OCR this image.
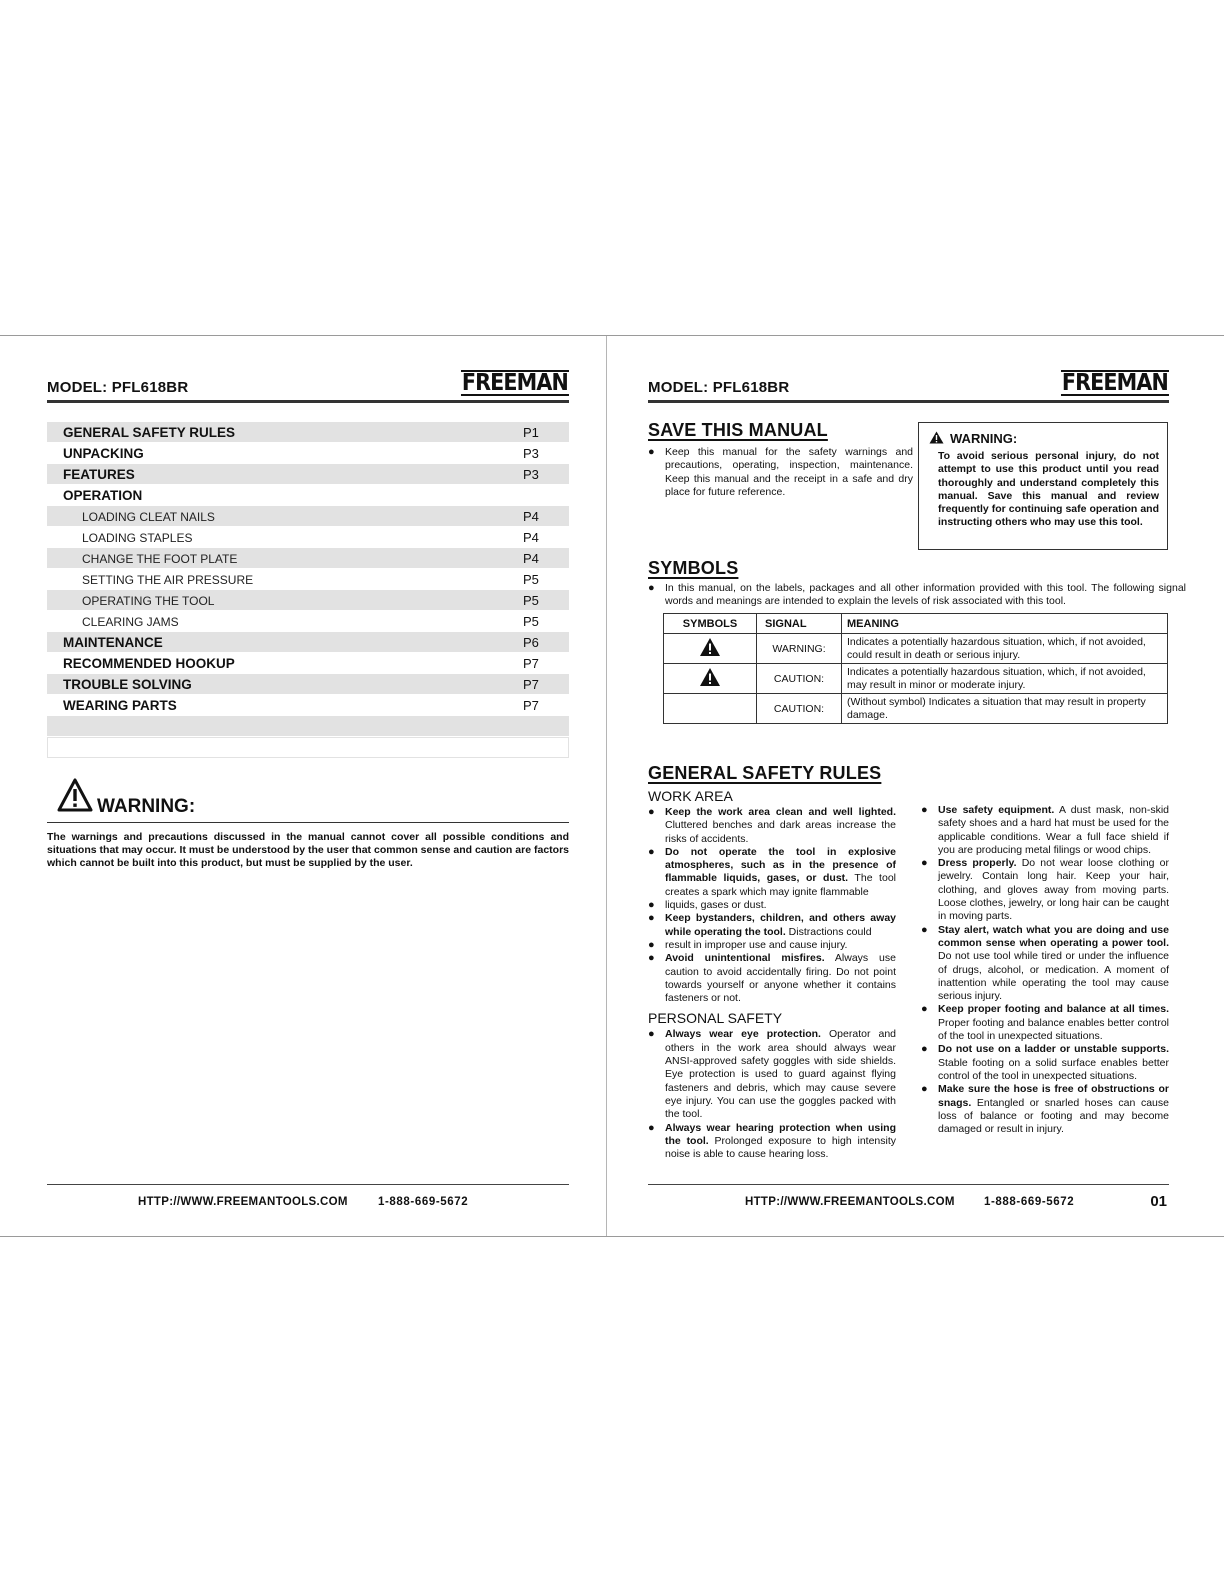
MODEL: PFL618BR	FREEMAN
GENERAL SAFETY RULES	P1
UNPACKING	P3
FEATURES	P3
OPERATION
LOADING CLEAT NAILS	P4
LOADING STAPLES	P4
CHANGE THE FOOT PLATE	P4
SETTING THE AIR PRESSURE	P5
OPERATING THE TOOL	P5
CLEARING JAMS	P5
MAINTENANCE	P6
RECOMMENDED HOOKUP	P7
TROUBLE SOLVING	P7
WEARING PARTS	P7
WARNING:
The warnings and precautions discussed in the manual cannot cover all possible conditions and situations that may occur. It must be understood by the user that common sense and caution are factors which cannot be built into this product, but must be supplied by the user.
HTTP://WWW.FREEMANTOOLS.COM	1-888-669-5672
MODEL: PFL618BR	FREEMAN
SAVE THIS MANUAL
● Keep this manual for the safety warnings and precautions, operating, inspection, maintenance. Keep this manual and the receipt in a safe and dry place for future reference.
WARNING:
To avoid serious personal injury, do not attempt to use this product until you read thoroughly and understand completely this manual. Save this manual and review frequently for continuing safe operation and instructing others who may use this tool.
SYMBOLS
● In this manual, on the labels, packages and all other information provided with this tool. The following signal words and meanings are intended to explain the levels of risk associated with this tool.
SYMBOLS	SIGNAL	MEANING
	WARNING:	Indicates a potentially hazardous situation, which, if not avoided, could result in death or serious injury.
	CAUTION:	Indicates a potentially hazardous situation, which, if not avoided, may result in minor or moderate injury.
	CAUTION:	(Without symbol) Indicates a situation that may result in property damage.
GENERAL SAFETY RULES
WORK AREA
● Keep the work area clean and well lighted. Cluttered benches and dark areas increase the risks of accidents.
● Do not operate the tool in explosive atmospheres, such as in the presence of flammable liquids, gases, or dust. The tool creates a spark which may ignite flammable
● liquids, gases or dust.
● Keep bystanders, children, and others away while operating the tool. Distractions could
● result in improper use and cause injury.
● Avoid unintentional misfires. Always use caution to avoid accidentally firing. Do not point towards yourself or anyone whether it contains fasteners or not.
PERSONAL SAFETY
● Always wear eye protection. Operator and others in the work area should always wear ANSI-approved safety goggles with side shields. Eye protection is used to guard against flying fasteners and debris, which may cause severe eye injury. You can use the goggles packed with the tool.
● Always wear hearing protection when using the tool. Prolonged exposure to high intensity noise is able to cause hearing loss.
● Use safety equipment. A dust mask, non-skid safety shoes and a hard hat must be used for the applicable conditions. Wear a full face shield if you are producing metal filings or wood chips.
● Dress properly. Do not wear loose clothing or jewelry. Contain long hair. Keep your hair, clothing, and gloves away from moving parts. Loose clothes, jewelry, or long hair can be caught in moving parts.
● Stay alert, watch what you are doing and use common sense when operating a power tool. Do not use tool while tired or under the influence of drugs, alcohol, or medication. A moment of inattention while operating the tool may cause serious injury.
● Keep proper footing and balance at all times. Proper footing and balance enables better control of the tool in unexpected situations.
● Do not use on a ladder or unstable supports. Stable footing on a solid surface enables better control of the tool in unexpected situations.
● Make sure the hose is free of obstructions or snags. Entangled or snarled hoses can cause loss of balance or footing and may become damaged or result in injury.
HTTP://WWW.FREEMANTOOLS.COM	1-888-669-5672	01
